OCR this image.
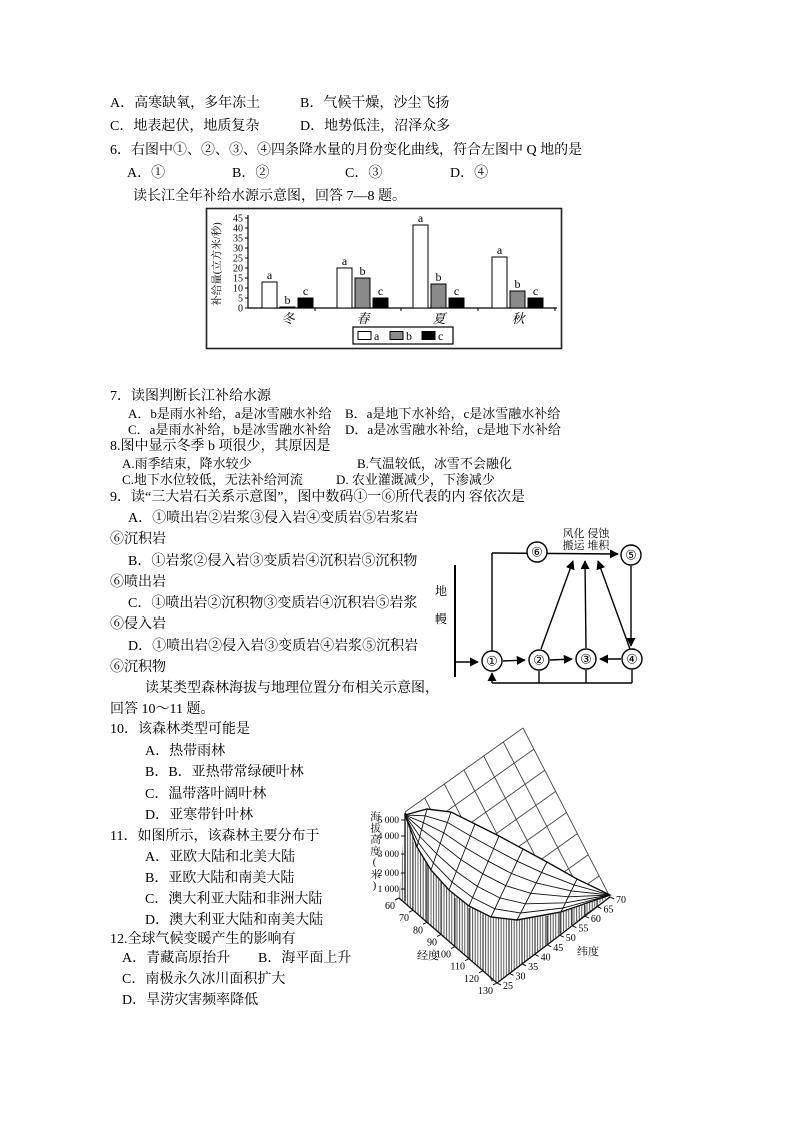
A．高寒缺氧，多年冻土	B．气候干燥，沙尘飞扬
C．地表起伏，地质复杂	D．地势低洼，沼泽众多
6．右图中①、②、③、④四条降水量的月份变化曲线，符合左图中 Q 地的是
A．①	B．②	C．③	D．④
读长江全年补给水源示意图，回答 7—8 题。
7．读图判断长江补给水源
A．b是雨水补给，a是冰雪融水补给 B．a是地下水补给，c是冰雪融水补给
C．a是雨水补给，b是冰雪融水补给 D．a是冰雪融水补给，c是地下水补给
8.图中显示冬季 b 项很少，其原因是
A.雨季结束，降水较少	B.气温较低，冰雪不会融化
C.地下水位较低，无法补给河流	D. 农业灌溉减少，下渗减少
9．读“三大岩石关系示意图”，图中数码①一⑥所代表的内 容依次是
A．①喷出岩②岩浆③侵入岩④变质岩⑤岩浆岩
⑥沉积岩
B．①岩浆②侵入岩③变质岩④沉积岩⑤沉积物
⑥喷出岩
C．①喷出岩②沉积物③变质岩④沉积岩⑤岩浆
⑥侵入岩
D．①喷出岩②侵入岩③变质岩④岩浆⑤沉积岩
⑥沉积物
读某类型森林海拔与地理位置分布相关示意图，
回答 10～11 题。
10．该森林类型可能是
A．热带雨林
B．B．亚热带常绿硬叶林
C．温带落叶阔叶林
D．亚寒带针叶林
11．如图所示，该森林主要分布于
A．亚欧大陆和北美大陆
B．亚欧大陆和南美大陆
C．澳大利亚大陆和非洲大陆
D．澳大利亚大陆和南美大陆
12.全球气候变暖产生的影响有
A．青藏高原抬升 B．海平面上升
C．南极永久冰川面积扩大
D．旱涝灾害频率降低
0
5
10
15
20
25
30
35
40
45
a
b
c
冬
a
b
c
春
a
b
c
夏
a
b c
秋
a b c
补给量(立方米/秒)
①	②	③	④
⑤
⑥
风化 侵蚀
搬运 堆积
地
幔
60
70
80
90
100
110
120
130 25
30
35
40
45
50
55
60
65
70
1 000
2 000
3 000
4 000
5 000
经度	纬度
海拔高度(米)
